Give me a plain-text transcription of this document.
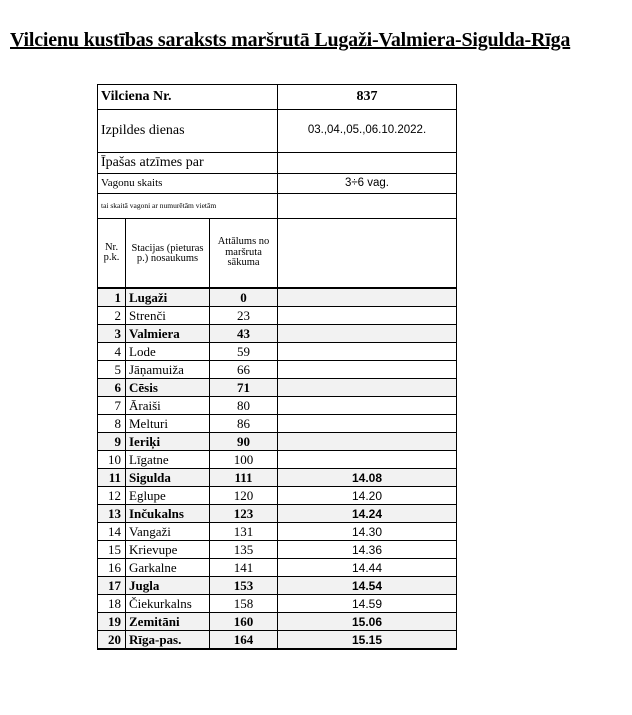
Vilcienu kustības saraksts maršrutā Lugaži-Valmiera-Sigulda-Rīga
Vilciena Nr.			837
Izpildes dienas			03.,04.,05.,06.10.2022.
Īpašas atzīmes par			
Vagonu skaits			3÷6 vag.
tai skaitā vagoni ar numurētām vietām			
Nr. p.k.	Stacijas (pieturas p.) nosaukums	Attālums no maršruta sākuma	
1	Lugaži	0	
2	Strenči	23	
3	Valmiera	43	
4	Lode	59	
5	Jāņamuiža	66	
6	Cēsis	71	
7	Āraiši	80	
8	Melturi	86	
9	Ieriķi	90	
10	Līgatne	100	
11	Sigulda	111	14.08
12	Eglupe	120	14.20
13	Inčukalns	123	14.24
14	Vangaži	131	14.30
15	Krievupe	135	14.36
16	Garkalne	141	14.44
17	Jugla	153	14.54
18	Čiekurkalns	158	14.59
19	Zemitāni	160	15.06
20	Rīga-pas.	164	15.15
